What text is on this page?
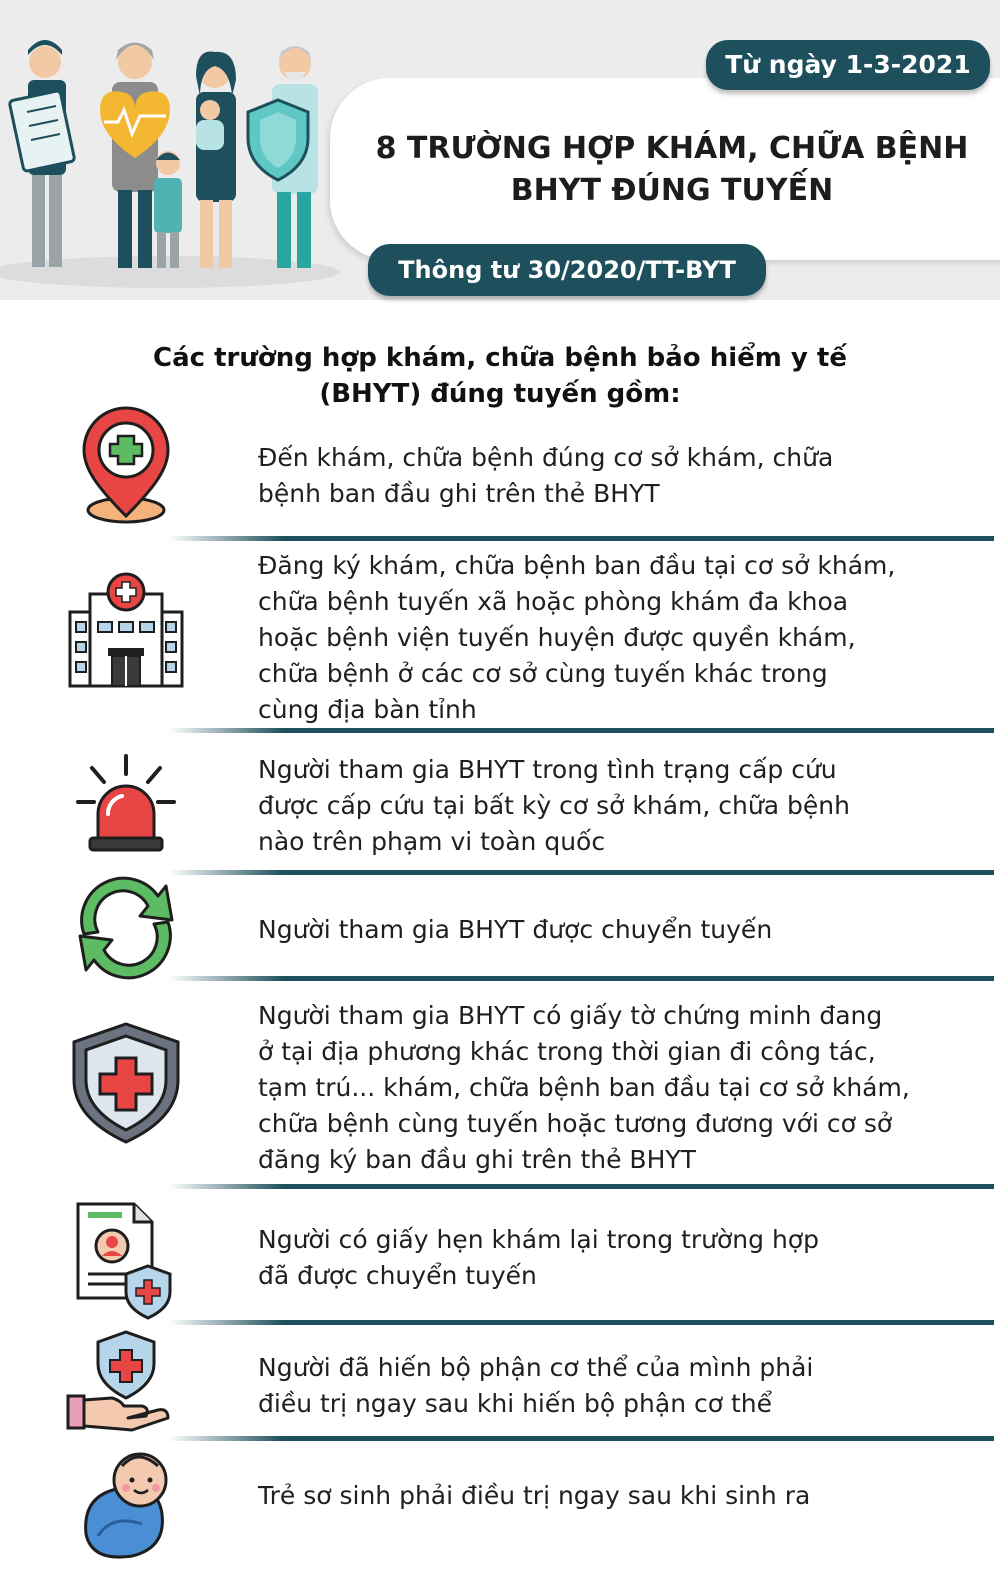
Từ ngày 1-3-2021
8 TRƯỜNG HỢP KHÁM, CHỮA BỆNH
BHYT ĐÚNG TUYẾN
Thông tư 30/2020/TT-BYT
Các trường hợp khám, chữa bệnh bảo hiểm y tế
(BHYT) đúng tuyến gồm:
Đến khám, chữa bệnh đúng cơ sở khám, chữa
bệnh ban đầu ghi trên thẻ BHYT
Đăng ký khám, chữa bệnh ban đầu tại cơ sở khám,
chữa bệnh tuyến xã hoặc phòng khám đa khoa
hoặc bệnh viện tuyến huyện được quyền khám,
chữa bệnh ở các cơ sở cùng tuyến khác trong
cùng địa bàn tỉnh
Người tham gia BHYT trong tình trạng cấp cứu
được cấp cứu tại bất kỳ cơ sở khám, chữa bệnh
nào trên phạm vi toàn quốc
Người tham gia BHYT được chuyển tuyến
Người tham gia BHYT có giấy tờ chứng minh đang
ở tại địa phương khác trong thời gian đi công tác,
tạm trú... khám, chữa bệnh ban đầu tại cơ sở khám,
chữa bệnh cùng tuyến hoặc tương đương với cơ sở
đăng ký ban đầu ghi trên thẻ BHYT
Người có giấy hẹn khám lại trong trường hợp
đã được chuyển tuyến
Người đã hiến bộ phận cơ thể của mình phải
điều trị ngay sau khi hiến bộ phận cơ thể
Trẻ sơ sinh phải điều trị ngay sau khi sinh ra
